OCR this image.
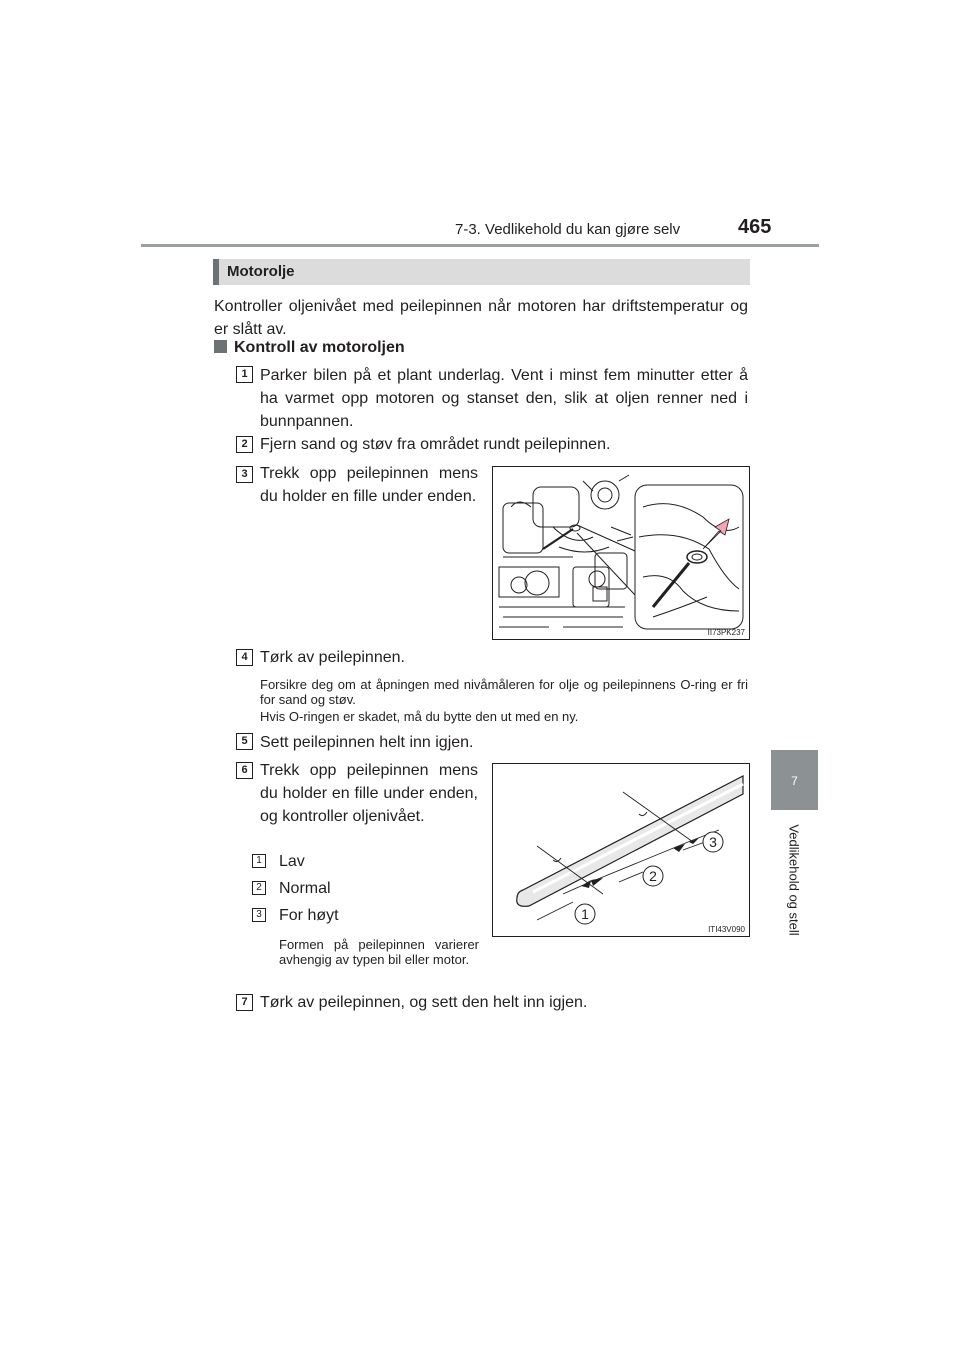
7-3. Vedlikehold du kan gjøre selv	465
7
Vedlikehold og stell
Motorolje
Kontroller oljenivået med peilepinnen når motoren har driftstemperatur og er slått av.
Kontroll av motoroljen
1 Parker bilen på et plant underlag. Vent i minst fem minutter etter å ha varmet opp motoren og stanset den, slik at oljen renner ned i bunnpannen.
2 Fjern sand og støv fra området rundt peilepinnen.
3 Trekk opp peilepinnen mens du holder en fille under enden.
II73PK237
4 Tørk av peilepinnen.
Forsikre deg om at åpningen med nivåmåleren for olje og peilepinnens O-ring er fri for sand og støv.
Hvis O-ringen er skadet, må du bytte den ut med en ny.
5 Sett peilepinnen helt inn igjen.
6 Trekk opp peilepinnen mens du holder en fille under enden, og kontroller oljenivået.
1 Lav
2 Normal
3 For høyt
Formen på peilepinnen varierer avhengig av typen bil eller motor.
1
2
3
ITI43V090
7 Tørk av peilepinnen, og sett den helt inn igjen.
